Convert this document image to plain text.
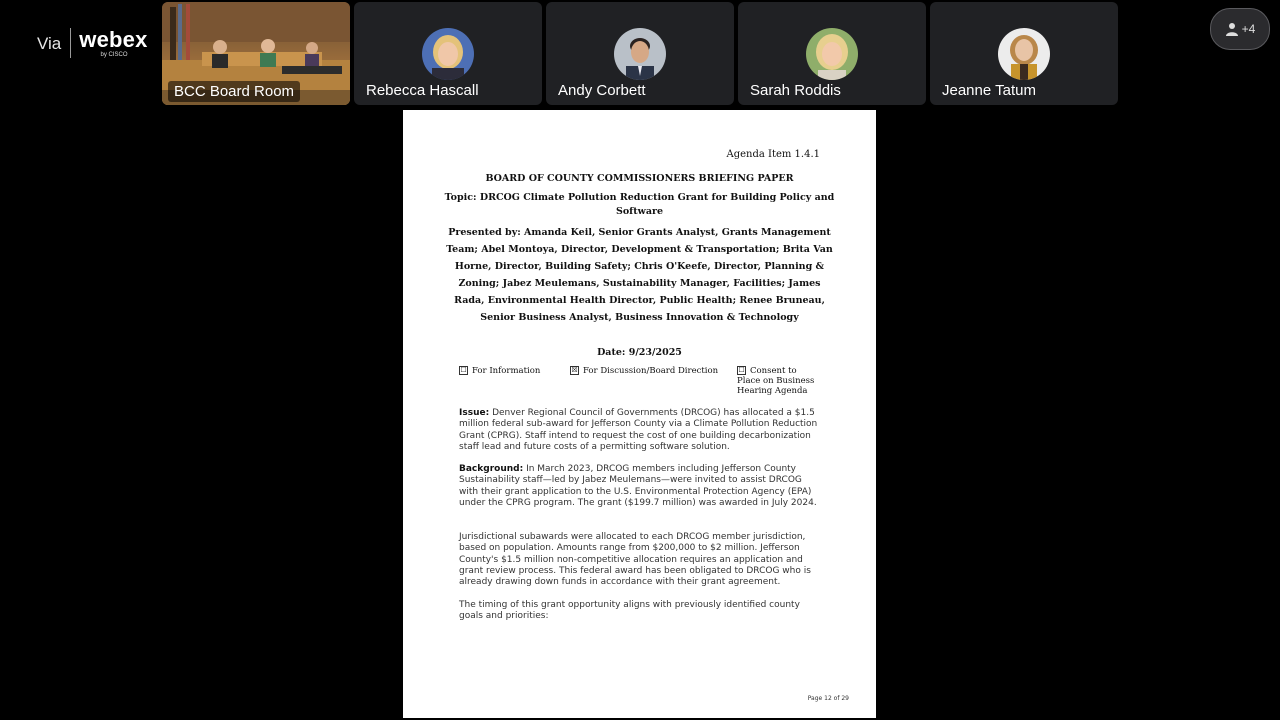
Via webex
by CISCO
BCC Board Room	Rebecca Hascall	Andy Corbett	Sarah Roddis	Jeanne Tatum
+4
Agenda Item 1.4.1
BOARD OF COUNTY COMMISSIONERS BRIEFING PAPER
Topic: DRCOG Climate Pollution Reduction Grant for Building Policy and Software
Presented by: Amanda Keil, Senior Grants Analyst, Grants Management Team; Abel Montoya, Director, Development & Transportation; Brita Van Horne, Director, Building Safety; Chris O'Keefe, Director, Planning & Zoning; Jabez Meulemans, Sustainability Manager, Facilities; James Rada, Environmental Health Director, Public Health; Renee Bruneau, Senior Business Analyst, Business Innovation & Technology
Date: 9/23/2025
☐ For Information	☒ For Discussion/Board Direction	☐ Consent to Place on Business Hearing Agenda
Issue: Denver Regional Council of Governments (DRCOG) has allocated a $1.5 million federal sub-award for Jefferson County via a Climate Pollution Reduction Grant (CPRG). Staff intend to request the cost of one building decarbonization staff lead and future costs of a permitting software solution.
Background: In March 2023, DRCOG members including Jefferson County Sustainability staff—led by Jabez Meulemans—were invited to assist DRCOG with their grant application to the U.S. Environmental Protection Agency (EPA) under the CPRG program. The grant ($199.7 million) was awarded in July 2024.
Jurisdictional subawards were allocated to each DRCOG member jurisdiction, based on population. Amounts range from $200,000 to $2 million. Jefferson County's $1.5 million non-competitive allocation requires an application and grant review process. This federal award has been obligated to DRCOG who is already drawing down funds in accordance with their grant agreement.
The timing of this grant opportunity aligns with previously identified county goals and priorities:
Page 12 of 29
